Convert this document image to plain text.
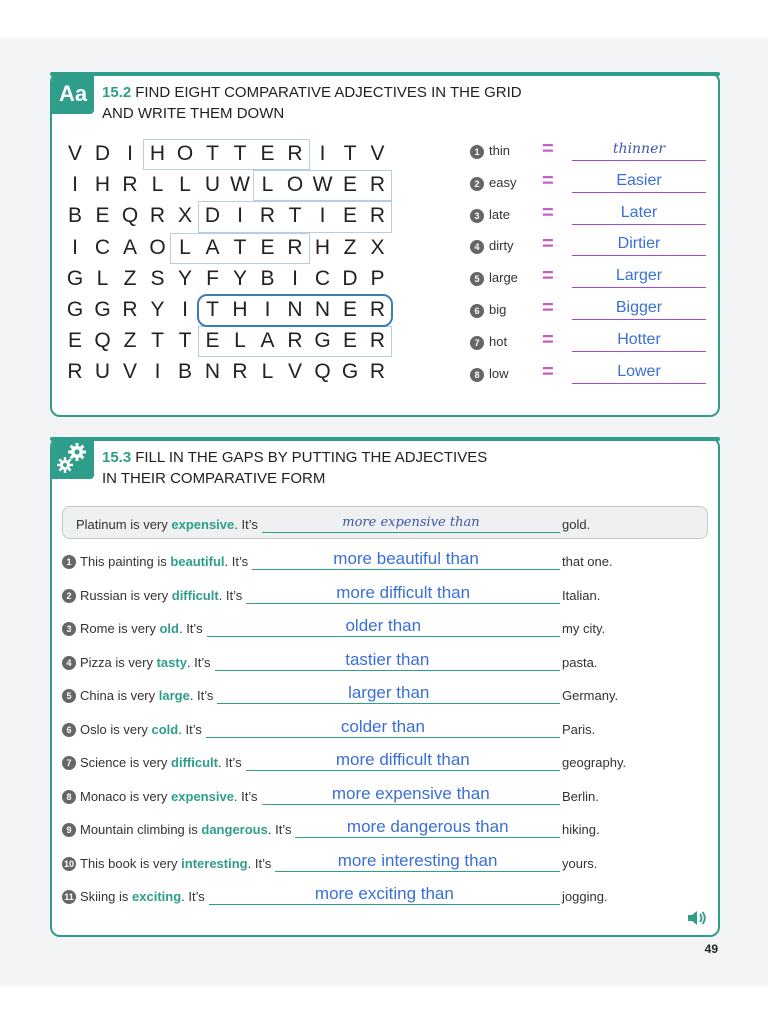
Aa 15.2 FIND EIGHT COMPARATIVE ADJECTIVES IN THE GRID
AND WRITE THEM DOWN
V D I H O T T E R I T V
I H R L L U W L O W E R
B E Q R X D I R T I E R
I C A O L A T E R H Z X
G L Z S Y F Y B I C D P
G G R Y I T H I N N E R
E Q Z T T E L A R G E R
R U V I B N R L V Q G R
1 thin =	thinner
2 easy =	Easier
3 late =	Later
4 dirty =	Dirtier
5 large =	Larger
6 big =	Bigger
7 hot =	Hotter
8 low =	Lower
15.3 FILL IN THE GAPS BY PUTTING THE ADJECTIVES
IN THEIR COMPARATIVE FORM
Platinum is very expensive. It’s	more expensive than	gold.
1 This painting is beautiful. It’s	more beautiful than	that one.
2 Russian is very difficult. It’s	more difficult than	Italian.
3 Rome is very old. It’s	older than	my city.
4 Pizza is very tasty. It’s	tastier than	pasta.
5 China is very large. It’s	larger than	Germany.
6 Oslo is very cold. It’s	colder than	Paris.
7 Science is very difficult. It’s	more difficult than	geography.
8 Monaco is very expensive. It’s	more expensive than	Berlin.
9 Mountain climbing is dangerous. It’s	more dangerous than	hiking.
10 This book is very interesting. It’s	more interesting than	yours.
11 Skiing is exciting. It’s	more exciting than	jogging.
49
